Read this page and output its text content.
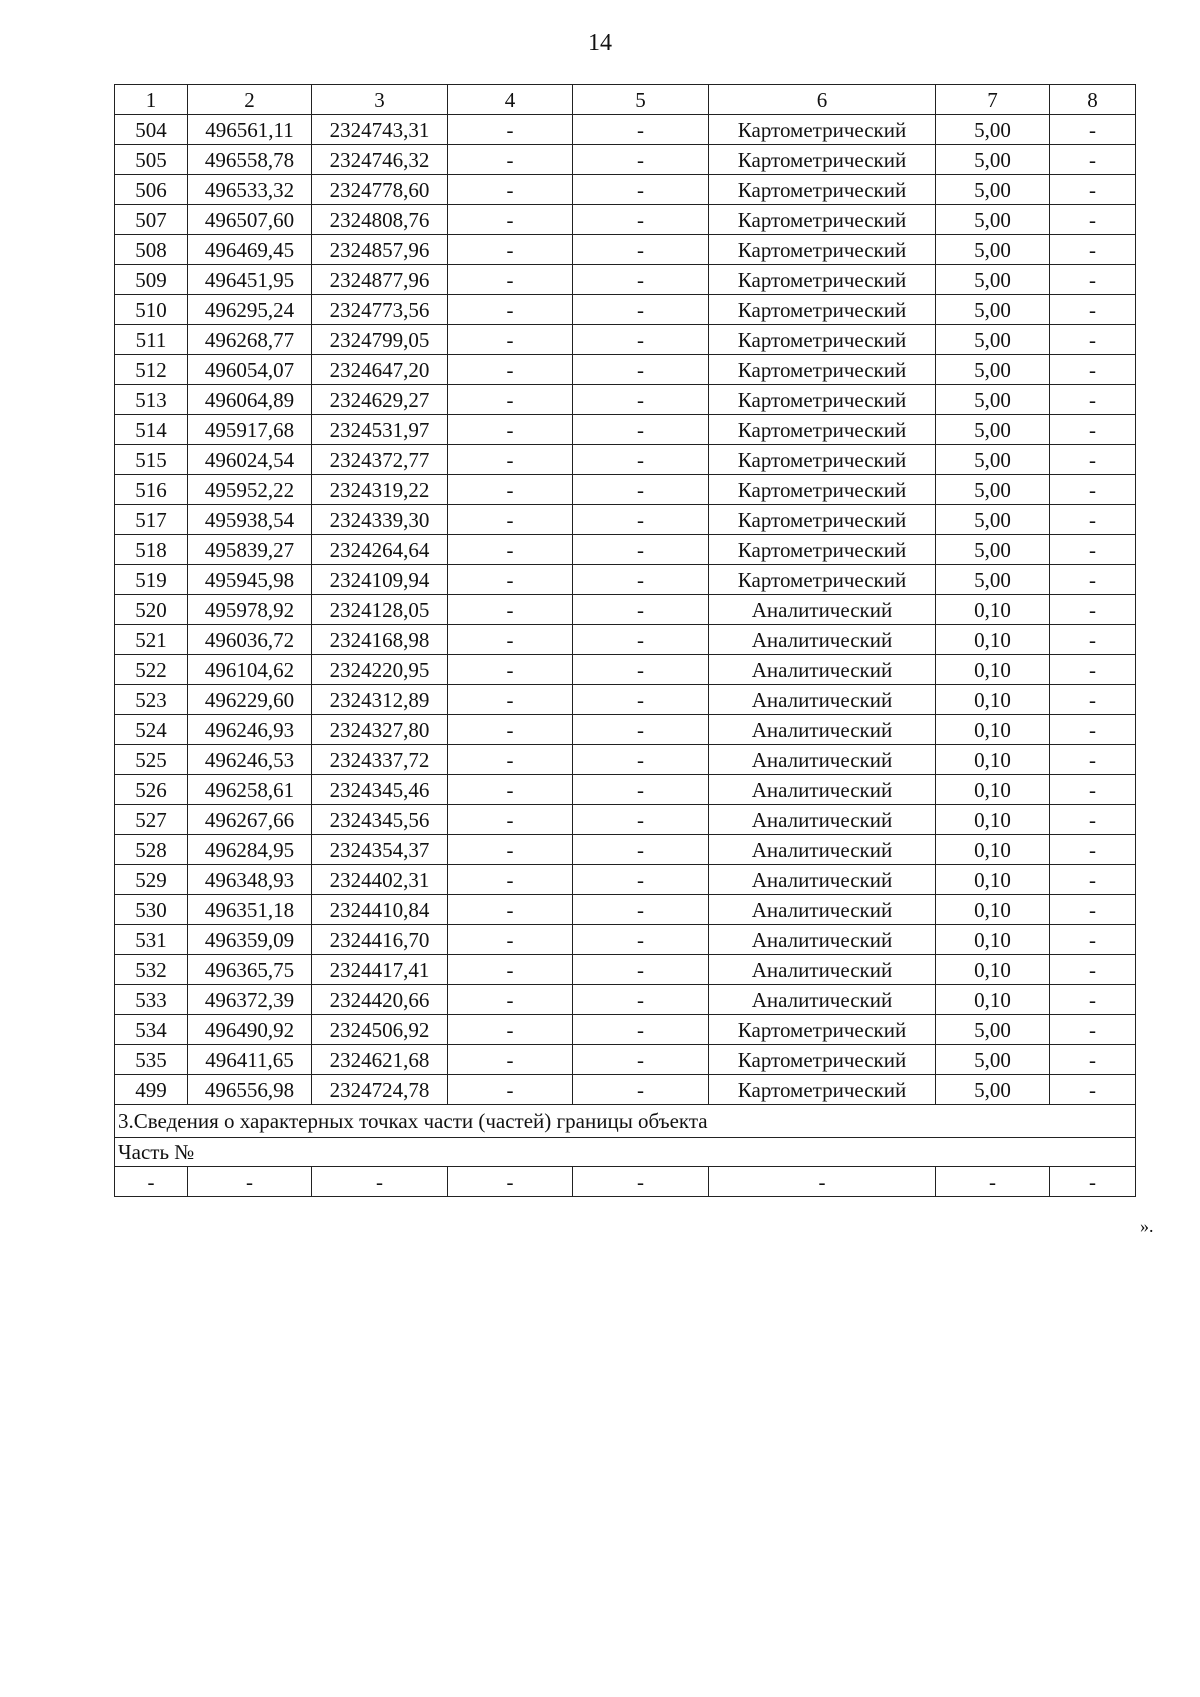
14
1	2	3	4	5	6	7	8
504	496561,11	2324743,31	-	-	Картометрический	5,00	-
505	496558,78	2324746,32	-	-	Картометрический	5,00	-
506	496533,32	2324778,60	-	-	Картометрический	5,00	-
507	496507,60	2324808,76	-	-	Картометрический	5,00	-
508	496469,45	2324857,96	-	-	Картометрический	5,00	-
509	496451,95	2324877,96	-	-	Картометрический	5,00	-
510	496295,24	2324773,56	-	-	Картометрический	5,00	-
511	496268,77	2324799,05	-	-	Картометрический	5,00	-
512	496054,07	2324647,20	-	-	Картометрический	5,00	-
513	496064,89	2324629,27	-	-	Картометрический	5,00	-
514	495917,68	2324531,97	-	-	Картометрический	5,00	-
515	496024,54	2324372,77	-	-	Картометрический	5,00	-
516	495952,22	2324319,22	-	-	Картометрический	5,00	-
517	495938,54	2324339,30	-	-	Картометрический	5,00	-
518	495839,27	2324264,64	-	-	Картометрический	5,00	-
519	495945,98	2324109,94	-	-	Картометрический	5,00	-
520	495978,92	2324128,05	-	-	Аналитический	0,10	-
521	496036,72	2324168,98	-	-	Аналитический	0,10	-
522	496104,62	2324220,95	-	-	Аналитический	0,10	-
523	496229,60	2324312,89	-	-	Аналитический	0,10	-
524	496246,93	2324327,80	-	-	Аналитический	0,10	-
525	496246,53	2324337,72	-	-	Аналитический	0,10	-
526	496258,61	2324345,46	-	-	Аналитический	0,10	-
527	496267,66	2324345,56	-	-	Аналитический	0,10	-
528	496284,95	2324354,37	-	-	Аналитический	0,10	-
529	496348,93	2324402,31	-	-	Аналитический	0,10	-
530	496351,18	2324410,84	-	-	Аналитический	0,10	-
531	496359,09	2324416,70	-	-	Аналитический	0,10	-
532	496365,75	2324417,41	-	-	Аналитический	0,10	-
533	496372,39	2324420,66	-	-	Аналитический	0,10	-
534	496490,92	2324506,92	-	-	Картометрический	5,00	-
535	496411,65	2324621,68	-	-	Картометрический	5,00	-
499	496556,98	2324724,78	-	-	Картометрический	5,00	-
3.Сведения о характерных точках части (частей) границы объекта							
Часть №							
-	-	-	-	-	-	-	-
».
